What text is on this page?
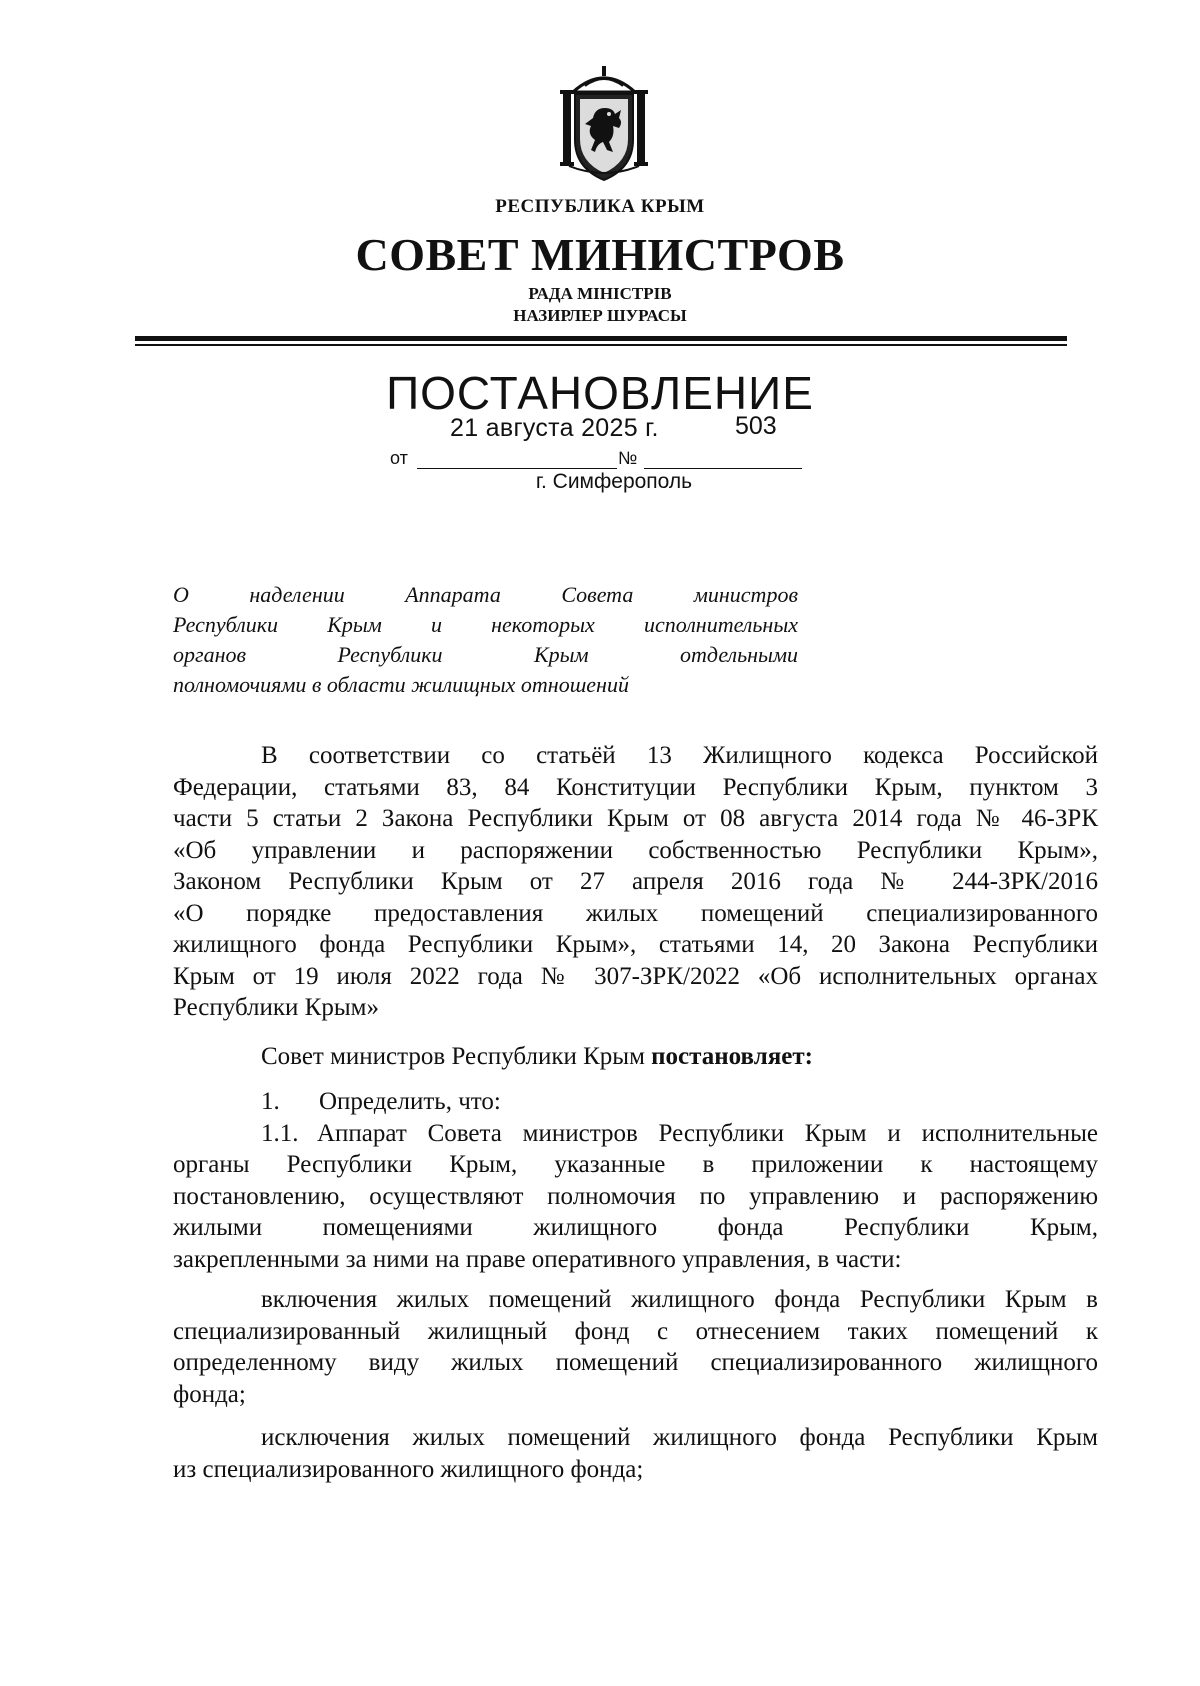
РЕСПУБЛИКА КРЫМ
СОВЕТ МИНИСТРОВ
РАДА МІНІСТРІВ
НАЗИРЛЕР ШУРАСЫ
ПОСТАНОВЛЕНИЕ
21 августа 2025 г.	503
от	№
г. Симферополь
О наделении Аппарата Совета министров
Республики Крым и некоторых исполнительных
органов Республики Крым отдельными
полномочиями в области жилищных отношений
В соответствии со статьёй 13 Жилищного кодекса Российской
Федерации, статьями 83, 84 Конституции Республики Крым, пунктом 3
части 5 статьи 2 Закона Республики Крым от 08 августа 2014 года № 46-ЗРК
«Об управлении и распоряжении собственностью Республики Крым»,
Законом Республики Крым от 27 апреля 2016 года № 244-ЗРК/2016
«О порядке предоставления жилых помещений специализированного
жилищного фонда Республики Крым», статьями 14, 20 Закона Республики
Крым от 19 июля 2022 года № 307-ЗРК/2022 «Об исполнительных органах
Республики Крым»
Совет министров Республики Крым постановляет:
1. Определить, что:
1.1. Аппарат Совета министров Республики Крым и исполнительные
органы Республики Крым, указанные в приложении к настоящему
постановлению, осуществляют полномочия по управлению и распоряжению
жилыми помещениями жилищного фонда Республики Крым,
закрепленными за ними на праве оперативного управления, в части:
включения жилых помещений жилищного фонда Республики Крым в
специализированный жилищный фонд с отнесением таких помещений к
определенному виду жилых помещений специализированного жилищного
фонда;
исключения жилых помещений жилищного фонда Республики Крым
из специализированного жилищного фонда;
